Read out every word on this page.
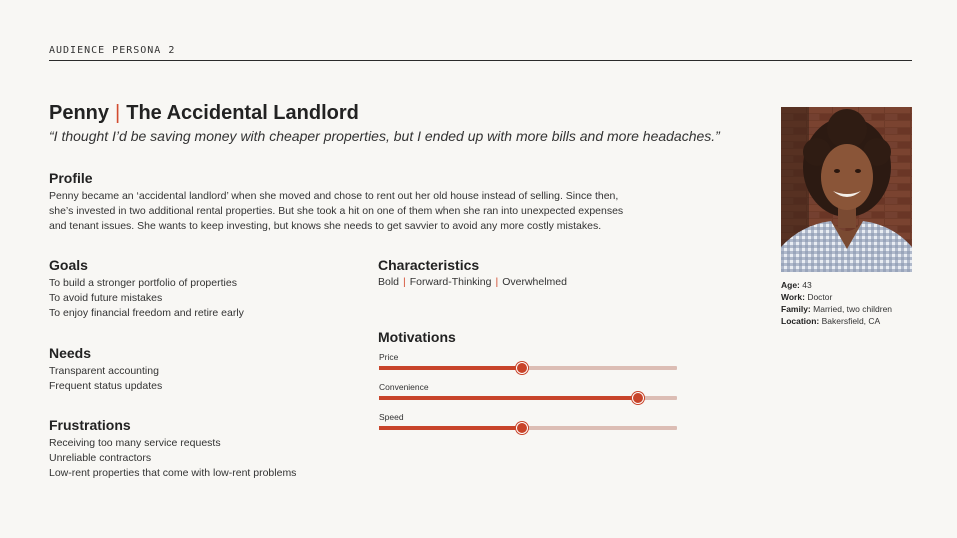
AUDIENCE PERSONA 2
Penny | The Accidental Landlord
“I thought I’d be saving money with cheaper properties, but I ended up with more bills and more headaches.”
Profile
Penny became an ‘accidental landlord’ when she moved and chose to rent out her old house instead of selling. Since then,
she’s invested in two additional rental properties. But she took a hit on one of them when she ran into unexpected expenses
and tenant issues. She wants to keep investing, but knows she needs to get savvier to avoid any more costly mistakes.
Goals
To build a stronger portfolio of properties
To avoid future mistakes
To enjoy financial freedom and retire early
Needs
Transparent accounting
Frequent status updates
Frustrations
Receiving too many service requests
Unreliable contractors
Low-rent properties that come with low-rent problems
Characteristics
Bold | Forward-Thinking | Overwhelmed
Motivations
Price
Convenience
Speed
Age: 43
Work: Doctor
Family: Married, two children
Location: Bakersfield, CA
